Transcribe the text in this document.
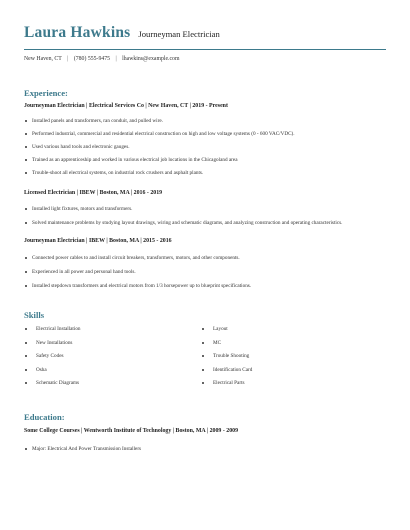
Laura Hawkins Journeyman Electrician
New Haven, CT | (780) 555-9475 | lhawkins@example.com
Experience:
Journeyman Electrician | Electrical Services Co | New Haven, CT | 2019 - Present
Installed panels and transformers, ran conduit, and pulled wire.
Performed industrial, commercial and residential electrical construction on high and low voltage systems (0 - 600 VAC/VDC).
Used various hand tools and electronic gauges.
Trained as an apprenticeship and worked in various electrical job locations in the Chicagoland area
Trouble-shoot all electrical systems, on industrial rock crushers and asphalt plants.
Licensed Electrician | IBEW | Boston, MA | 2016 - 2019
Installed light fixtures, motors and transformers.
Solved maintenance problems by studying layout drawings, wiring and schematic diagrams, and analyzing construction and operating characteristics.
Journeyman Electrician | IBEW | Boston, MA | 2015 - 2016
Connected power cables to and install circuit breakers, transformers, motors, and other components.
Experienced in all power and personal hand tools.
Installed stepdown transformers and electrical motors from 1/3 horsepower up to blueprint specifications.
Skills
Electrical Installation
New Installations
Safety Codes
Osha
Schematic Diagrams
Layout
MC
Trouble Shooting
Identification Card
Electrical Parts
Education:
Some College Courses | Wentworth Institute of Technology | Boston, MA | 2009 - 2009
Major: Electrical And Power Transmission Installers
